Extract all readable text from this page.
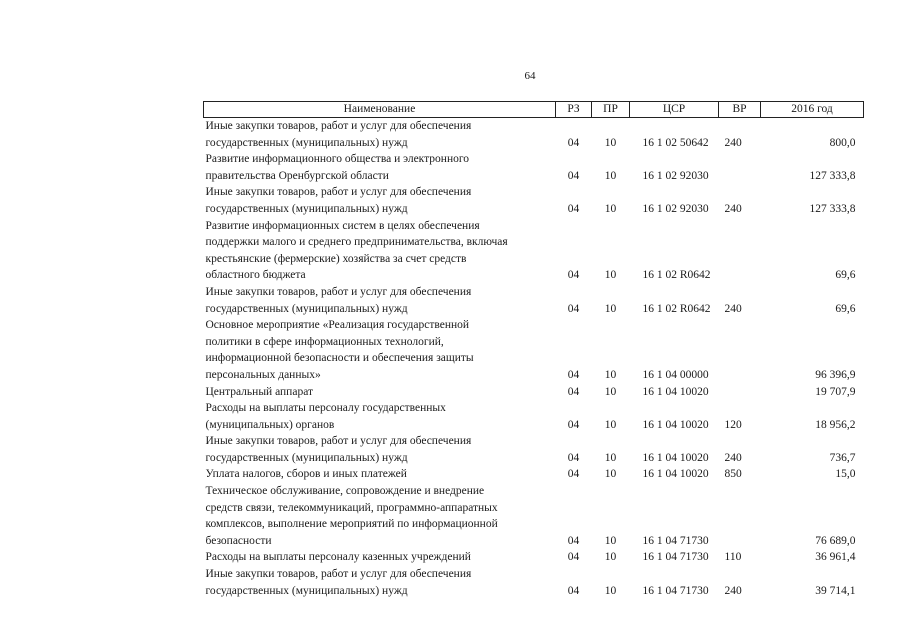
64
Наименование	РЗ	ПР	ЦСР	ВР	2016 год
Иные закупки товаров, работ и услуг для обеспечения
государственных (муниципальных) нужд	04	10	16 1 02 50642	240	800,0
Развитие информационного общества и электронного
правительства Оренбургской области	04	10	16 1 02 92030		127 333,8
Иные закупки товаров, работ и услуг для обеспечения
государственных (муниципальных) нужд	04	10	16 1 02 92030	240	127 333,8
Развитие информационных систем в целях обеспечения
поддержки малого и среднего предпринимательства, включая
крестьянские (фермерские) хозяйства за счет средств
областного бюджета	04	10	16 1 02 R0642		69,6
Иные закупки товаров, работ и услуг для обеспечения
государственных (муниципальных) нужд	04	10	16 1 02 R0642	240	69,6
Основное мероприятие «Реализация государственной
политики в сфере информационных технологий,
информационной безопасности и обеспечения защиты
персональных данных»	04	10	16 1 04 00000		96 396,9
Центральный аппарат	04	10	16 1 04 10020		19 707,9
Расходы на выплаты персоналу государственных
(муниципальных) органов	04	10	16 1 04 10020	120	18 956,2
Иные закупки товаров, работ и услуг для обеспечения
государственных (муниципальных) нужд	04	10	16 1 04 10020	240	736,7
Уплата налогов, сборов и иных платежей	04	10	16 1 04 10020	850	15,0
Техническое обслуживание, сопровождение и внедрение
средств связи, телекоммуникаций, программно-аппаратных
комплексов, выполнение мероприятий по информационной
безопасности	04	10	16 1 04 71730		76 689,0
Расходы на выплаты персоналу казенных учреждений	04	10	16 1 04 71730	110	36 961,4
Иные закупки товаров, работ и услуг для обеспечения
государственных (муниципальных) нужд	04	10	16 1 04 71730	240	39 714,1
